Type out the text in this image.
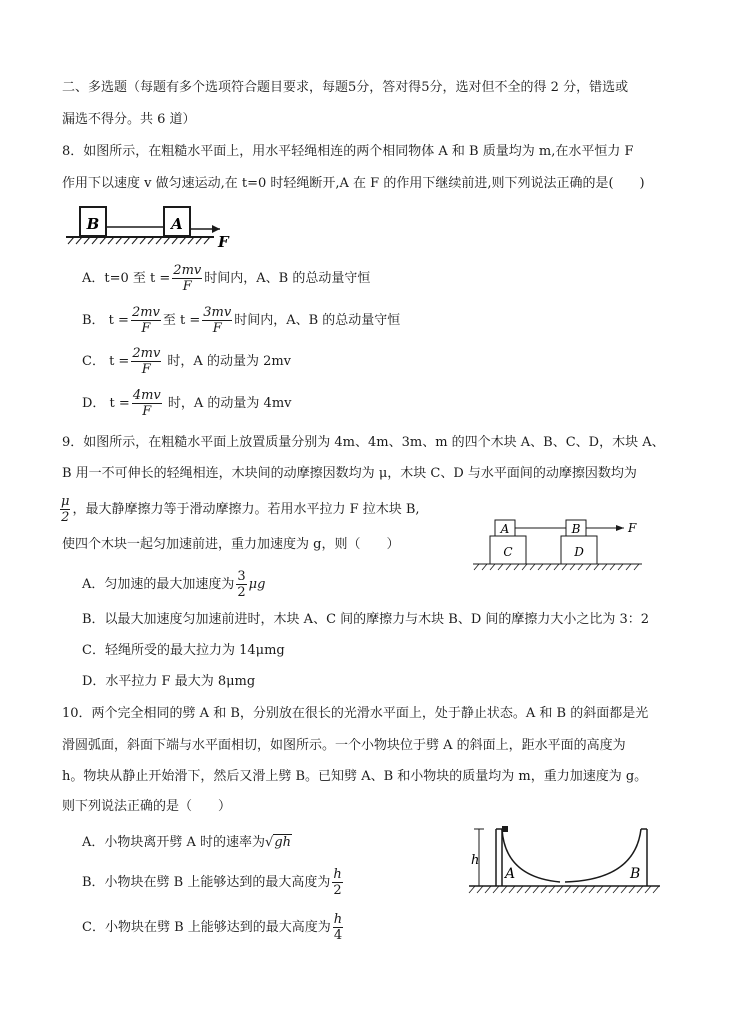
二、多选题（每题有多个选项符合题目要求，每题5分，答对得5分，选对但不全的得 2 分，错选或
漏选不得分。共 6 道）
8．如图所示，在粗糙水平面上，用水平轻绳相连的两个相同物体 A 和 B 质量均为 m,在水平恒力 F
作用下以速度 v 做匀速运动,在 t=0 时轻绳断开,A 在 F 的作用下继续前进,则下列说法正确的是(　　)
B	A
F
A．t=0 至 $t = \frac{2mv}{F}$ 时间内，A、B 的总动量守恒
B． $t = \frac{2mv}{F}$ 至 $t = \frac{3mv}{F}$ 时间内，A、B 的总动量守恒
C． $t = \frac{2mv}{F}$ 时，A 的动量为 2mv
D． $t = \frac{4mv}{F}$ 时，A 的动量为 4mv
9．如图所示，在粗糙水平面上放置质量分别为 4m、4m、3m、m 的四个木块 A、B、C、D，木块 A、
B 用一不可伸长的轻绳相连，木块间的动摩擦因数均为 μ，木块 C、D 与水平面间的动摩擦因数均为
$\frac{\mu}{2}$ ，最大静摩擦力等于滑动摩擦力。若用水平拉力 F 拉木块 B,
使四个木块一起匀加速前进，重力加速度为 g，则（　　）
A
C
B
D
F
A．匀加速的最大加速度为 $\frac{3}{2}$ μg
B．以最大加速度匀加速前进时，木块 A、C 间的摩擦力与木块 B、D 间的摩擦力大小之比为 3：2
C．轻绳所受的最大拉力为 14μmg
D．水平拉力 F 最大为 8μmg
10．两个完全相同的劈 A 和 B，分别放在很长的光滑水平面上，处于静止状态。A 和 B 的斜面都是光
滑圆弧面，斜面下端与水平面相切，如图所示。一个小物块位于劈 A 的斜面上，距水平面的高度为
h。物块从静止开始滑下，然后又滑上劈 B。已知劈 A、B 和小物块的质量均为 m，重力加速度为 g。
则下列说法正确的是（　　）
h
A	B
A．小物块离开劈 A 时的速率为√gh
B．小物块在劈 B 上能够达到的最大高度为 $\frac{h}{2}$
C．小物块在劈 B 上能够达到的最大高度为 $\frac{h}{4}$
